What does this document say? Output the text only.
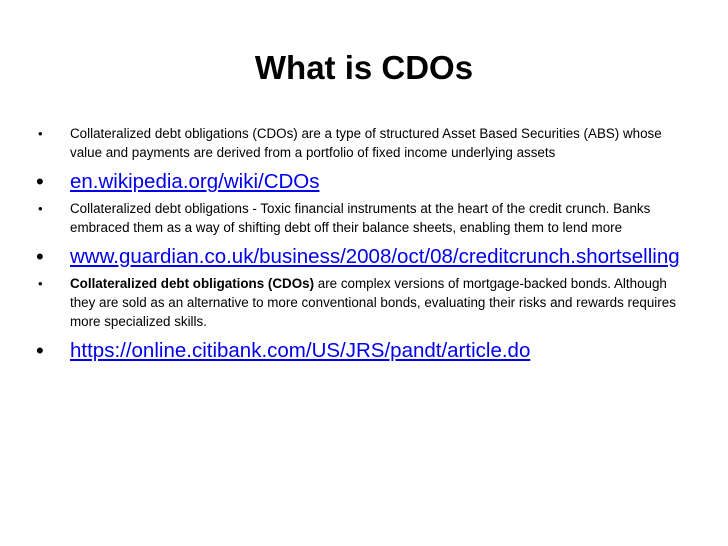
What is CDOs
• Collateralized debt obligations (CDOs) are a type of structured Asset Based Securities (ABS) whose value and payments are derived from a portfolio of fixed income underlying assets
• en.wikipedia.org/wiki/CDOs
• Collateralized debt obligations - Toxic financial instruments at the heart of the credit crunch. Banks embraced them as a way of shifting debt off their balance sheets, enabling them to lend more
• www.guardian.co.uk/business/2008/oct/08/creditcrunch.shortselling
• Collateralized debt obligations (CDOs) are complex versions of mortgage-backed bonds. Although they are sold as an alternative to more conventional bonds, evaluating their risks and rewards requires more specialized skills.
• https://online.citibank.com/US/JRS/pandt/article.do
